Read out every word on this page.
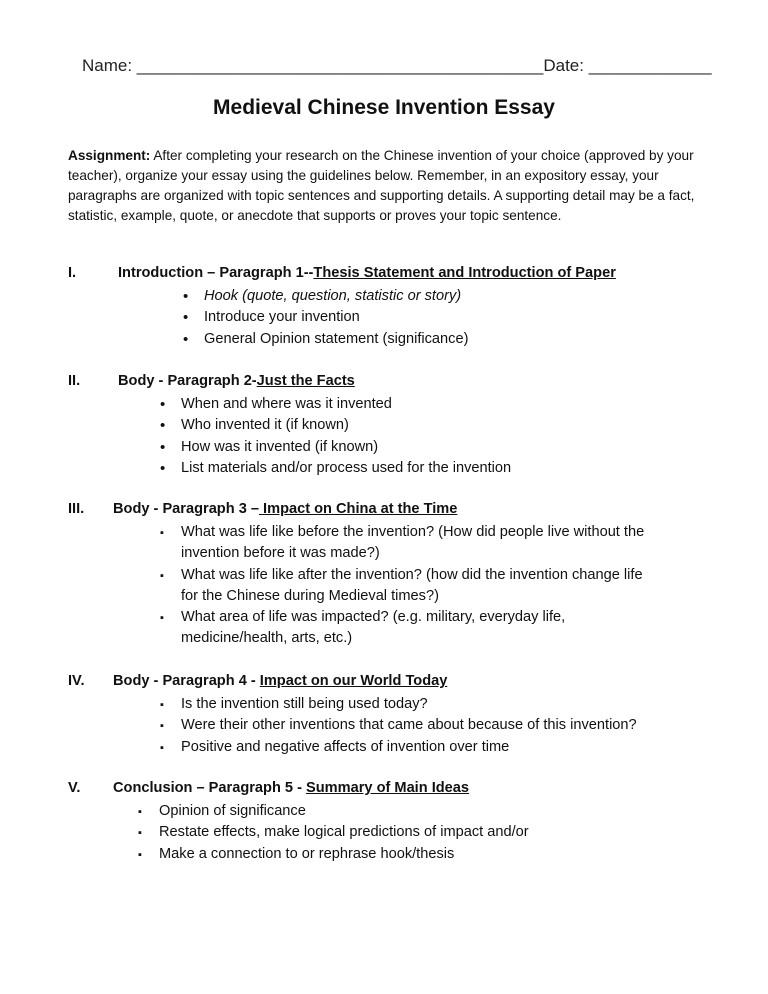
Name: ___________________________________________Date: _____________
Medieval Chinese Invention Essay
Assignment: After completing your research on the Chinese invention of your choice (approved by your teacher), organize your essay using the guidelines below. Remember, in an expository essay, your paragraphs are organized with topic sentences and supporting details. A supporting detail may be a fact, statistic, example, quote, or anecdote that supports or proves your topic sentence.
I.	Introduction – Paragraph 1--Thesis Statement and Introduction of Paper
• Hook (quote, question, statistic or story)
• Introduce your invention
• General Opinion statement (significance)
II.	Body - Paragraph 2-Just the Facts
• When and where was it invented
• Who invented it (if known)
• How was it invented (if known)
• List materials and/or process used for the invention
III. Body - Paragraph 3 – Impact on China at the Time
▪ What was life like before the invention? (How did people live without the
invention before it was made?)
▪ What was life like after the invention? (how did the invention change life
for the Chinese during Medieval times?)
▪ What area of life was impacted? (e.g. military, everyday life,
medicine/health, arts, etc.)
IV. Body - Paragraph 4 - Impact on our World Today
▪ Is the invention still being used today?
▪ Were their other inventions that came about because of this invention?
▪ Positive and negative affects of invention over time
V. Conclusion – Paragraph 5 - Summary of Main Ideas
▪ Opinion of significance
▪ Restate effects, make logical predictions of impact and/or
▪ Make a connection to or rephrase hook/thesis
